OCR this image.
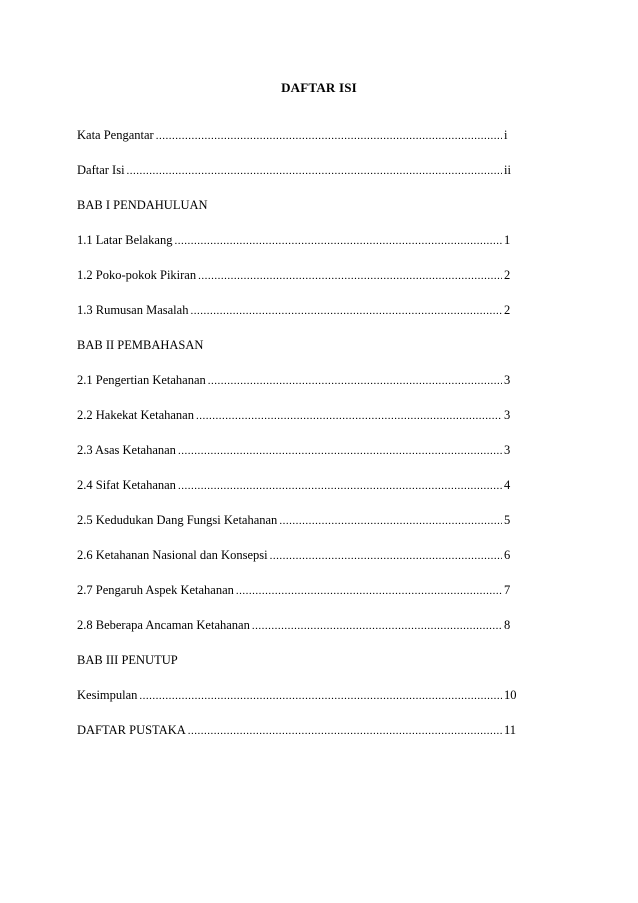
DAFTAR ISI
Kata Pengantar .....	i
Daftar Isi .....	ii
BAB I PENDAHULUAN
1.1 Latar Belakang .....	1
1.2 Poko-pokok Pikiran .....	2
1.3 Rumusan Masalah .....	2
BAB II PEMBAHASAN
2.1 Pengertian Ketahanan .....	3
2.2 Hakekat Ketahanan .....	3
2.3 Asas Ketahanan .....	3
2.4 Sifat Ketahanan .....	4
2.5 Kedudukan Dang Fungsi Ketahanan .....	5
2.6 Ketahanan Nasional dan Konsepsi .....	6
2.7 Pengaruh Aspek Ketahanan .....	7
2.8 Beberapa Ancaman Ketahanan .....	8
BAB III PENUTUP
Kesimpulan .....	10
DAFTAR PUSTAKA .....	11
